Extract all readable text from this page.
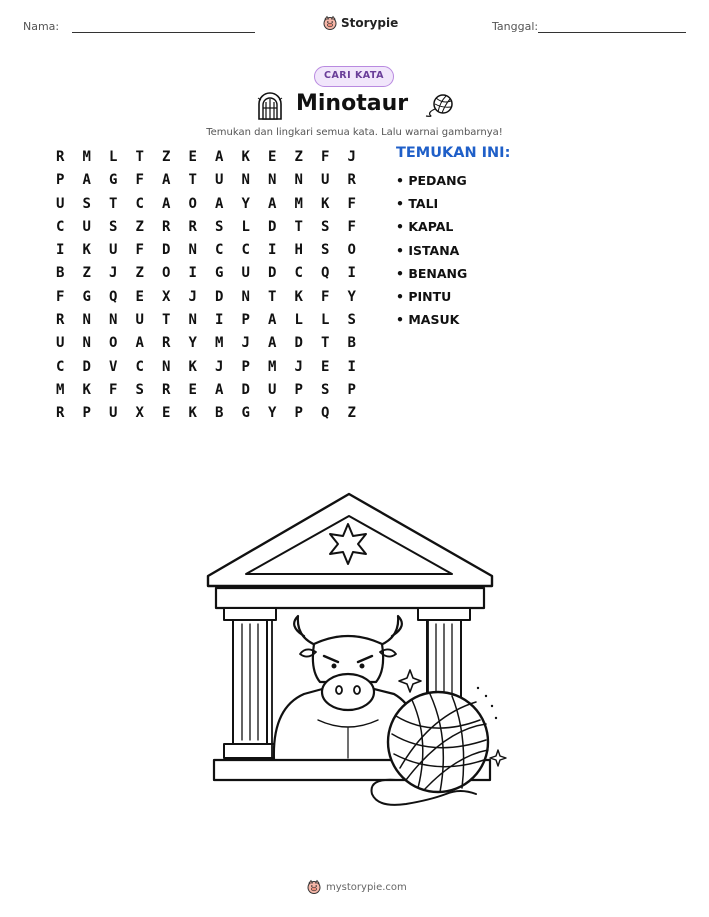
Nama:	Storypie	Tanggal:
CARI KATA
Minotaur
Temukan dan lingkari semua kata. Lalu warnai gambarnya!
R	M	L	T	Z	E	A	K	E	Z	F	J
P	A	G	F	A	T	U	N	N	N	U	R
U	S	T	C	A	O	A	Y	A	M	K	F
C	U	S	Z	R	R	S	L	D	T	S	F
I	K	U	F	D	N	C	C	I	H	S	O
B	Z	J	Z	O	I	G	U	D	C	Q	I
F	G	Q	E	X	J	D	N	T	K	F	Y
R	N	N	U	T	N	I	P	A	L	L	S
U	N	O	A	R	Y	M	J	A	D	T	B
C	D	V	C	N	K	J	P	M	J	E	I
M	K	F	S	R	E	A	D	U	P	S	P
R	P	U	X	E	K	B	G	Y	P	Q	Z
TEMUKAN INI:
• PEDANG
• TALI
• KAPAL
• ISTANA
• BENANG
• PINTU
• MASUK
mystorypie.com
